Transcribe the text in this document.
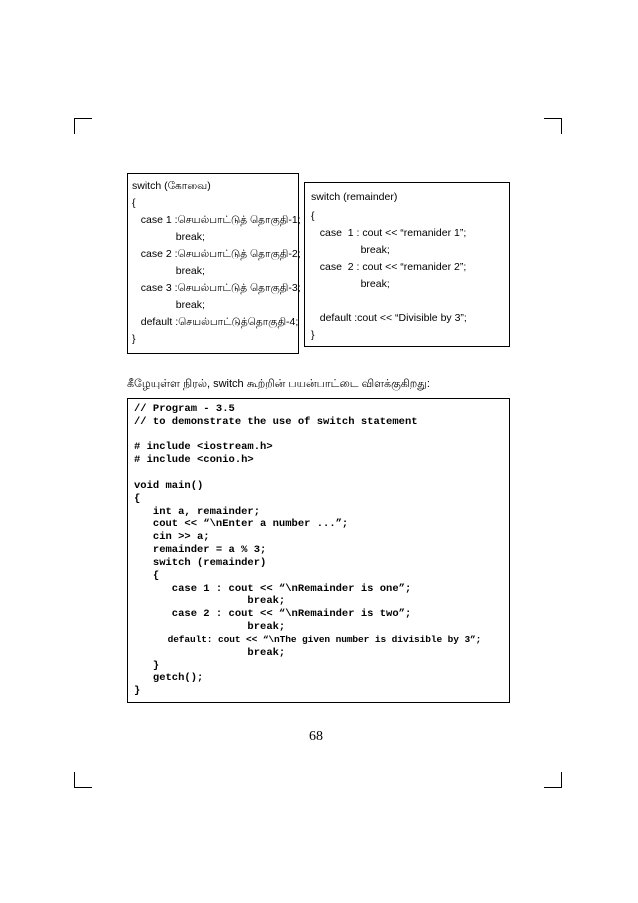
switch (கோவை)
{
case 1 :செயல்பாட்டுத் தொகுதி-1;
break;
case 2 :செயல்பாட்டுத் தொகுதி-2;
break;
case 3 :செயல்பாட்டுத் தொகுதி-3;
break;
default :செயல்பாட்டுத்தொகுதி-4;
}
switch (remainder)
{
case  1 : cout << “remanider 1”;
break;
case  2 : cout << “remanider 2”;
break;
default :cout << “Divisible by 3”;
}
கீழேயுள்ள நிரல், switch கூற்றின் பயன்பாட்டை விளக்குகிறது:
// Program - 3.5
// to demonstrate the use of switch statement
# include <iostream.h>
# include <conio.h>
void main()
{
int a, remainder;
cout << “\nEnter a number ...”;
cin >> a;
remainder = a % 3;
switch (remainder)
{
case 1 : cout << “\nRemainder is one”;
break;
case 2 : cout << “\nRemainder is two”;
break;
default: cout << “\nThe given number is divisible by 3”;
break;
}
getch();
}
68
